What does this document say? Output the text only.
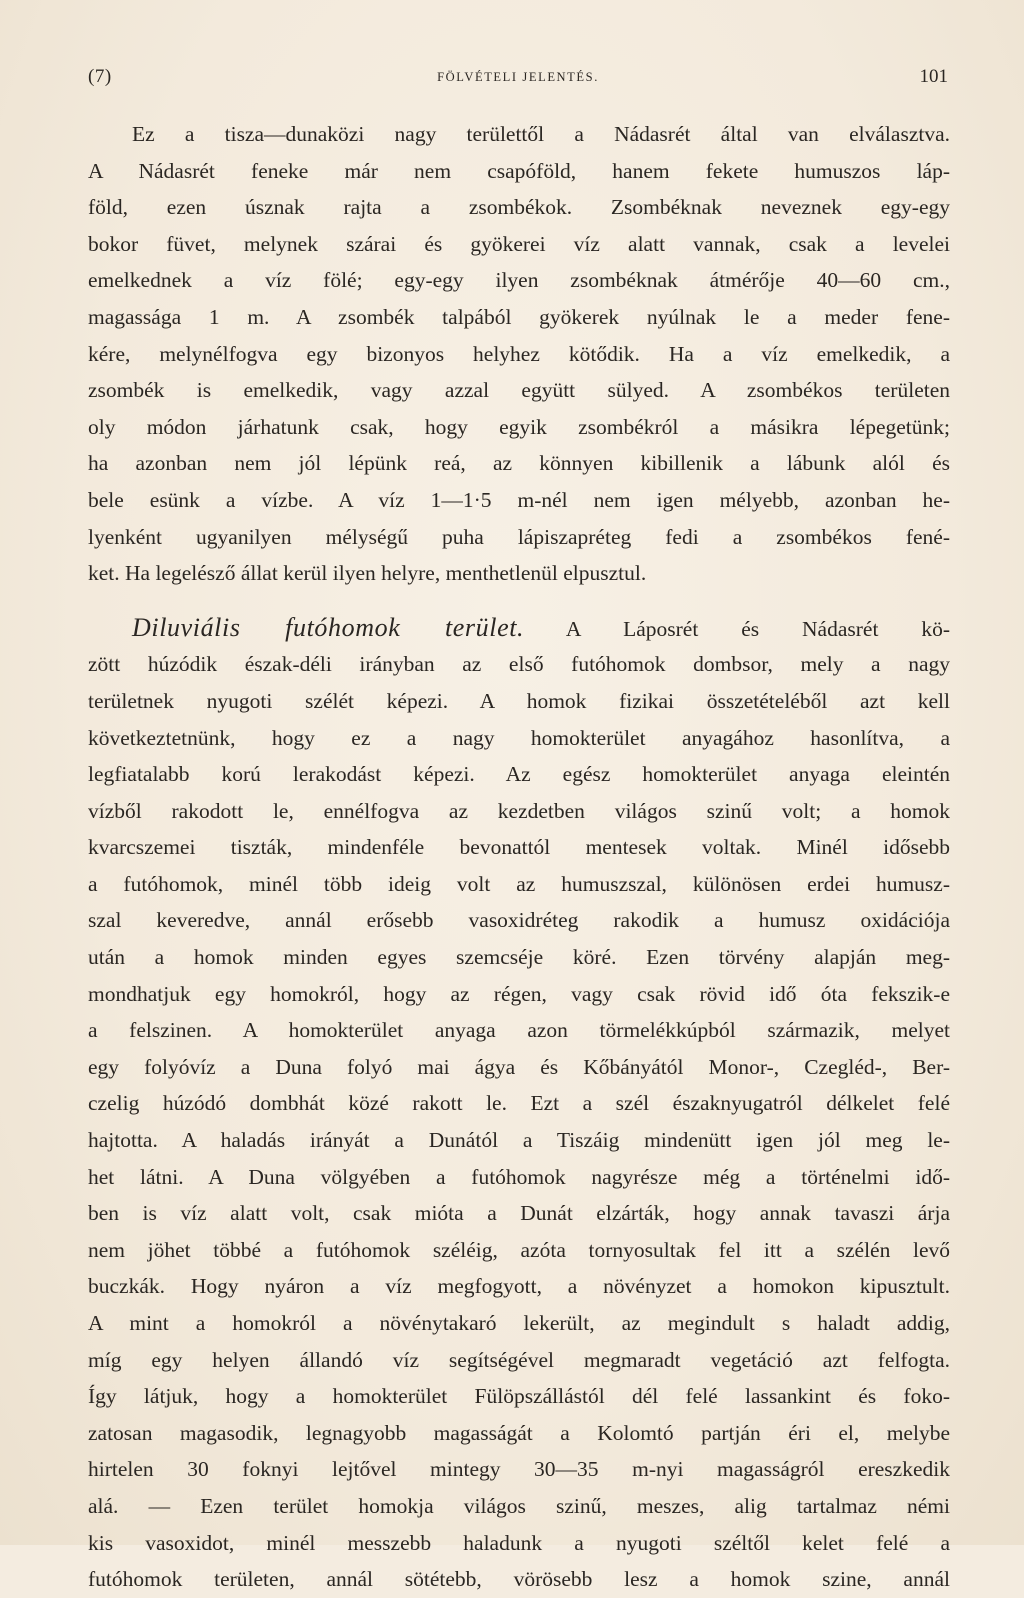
(7)	FÖLVÉTELI JELENTÉS.	101
Ez a tisza—dunaközi nagy területtől a Nádasrét által van elválasztva.
A Nádasrét feneke már nem csapóföld, hanem fekete humuszos láp-
föld, ezen úsznak rajta a zsombékok. Zsombéknak neveznek egy-egy
bokor füvet, melynek szárai és gyökerei víz alatt vannak, csak a levelei
emelkednek a víz fölé; egy-egy ilyen zsombéknak átmérője 40—60 cm.,
magassága 1 m. A zsombék talpából gyökerek nyúlnak le a meder fene-
kére, melynélfogva egy bizonyos helyhez kötődik. Ha a víz emelkedik, a
zsombék is emelkedik, vagy azzal együtt sülyed. A zsombékos területen
oly módon járhatunk csak, hogy egyik zsombékról a másikra lépegetünk;
ha azonban nem jól lépünk reá, az könnyen kibillenik a lábunk alól és
bele esünk a vízbe. A víz 1—1·5 m-nél nem igen mélyebb, azonban he-
lyenként ugyanilyen mélységű puha lápiszapréteg fedi a zsombékos fené-
ket. Ha legelésző állat kerül ilyen helyre, menthetlenül elpusztul.
Diluviális futóhomok terület. A Láposrét és Nádasrét kö-
zött húzódik észak-déli irányban az első futóhomok dombsor, mely a nagy
területnek nyugoti szélét képezi. A homok fizikai összetételéből azt kell
következtetnünk, hogy ez a nagy homokterület anyagához hasonlítva, a
legfiatalabb korú lerakodást képezi. Az egész homokterület anyaga eleintén
vízből rakodott le, ennélfogva az kezdetben világos szinű volt; a homok
kvarcszemei tiszták, mindenféle bevonattól mentesek voltak. Minél idősebb
a futóhomok, minél több ideig volt az humuszszal, különösen erdei humusz-
szal keveredve, annál erősebb vasoxidréteg rakodik a humusz oxidációja
után a homok minden egyes szemcséje köré. Ezen törvény alapján meg-
mondhatjuk egy homokról, hogy az régen, vagy csak rövid idő óta fekszik-e
a felszinen. A homokterület anyaga azon törmelékkúpból származik, melyet
egy folyóvíz a Duna folyó mai ágya és Kőbányától Monor-, Czegléd-, Ber-
czelig húzódó dombhát közé rakott le. Ezt a szél északnyugatról délkelet felé
hajtotta. A haladás irányát a Dunától a Tiszáig mindenütt igen jól meg le-
het látni. A Duna völgyében a futóhomok nagyrésze még a történelmi idő-
ben is víz alatt volt, csak mióta a Dunát elzárták, hogy annak tavaszi árja
nem jöhet többé a futóhomok széléig, azóta tornyosultak fel itt a szélén levő
buczkák. Hogy nyáron a víz megfogyott, a növényzet a homokon kipusztult.
A mint a homokról a növénytakaró lekerült, az megindult s haladt addig,
míg egy helyen állandó víz segítségével megmaradt vegetáció azt felfogta.
Így látjuk, hogy a homokterület Fülöpszállástól dél felé lassankint és foko-
zatosan magasodik, legnagyobb magasságát a Kolomtó partján éri el, melybe
hirtelen 30 foknyi lejtővel mintegy 30—35 m-nyi magasságról ereszkedik
alá. — Ezen terület homokja világos szinű, meszes, alig tartalmaz némi
kis vasoxidot, minél messzebb haladunk a nyugoti széltől kelet felé a
futóhomok területen, annál sötétebb, vörösebb lesz a homok szine, annál
